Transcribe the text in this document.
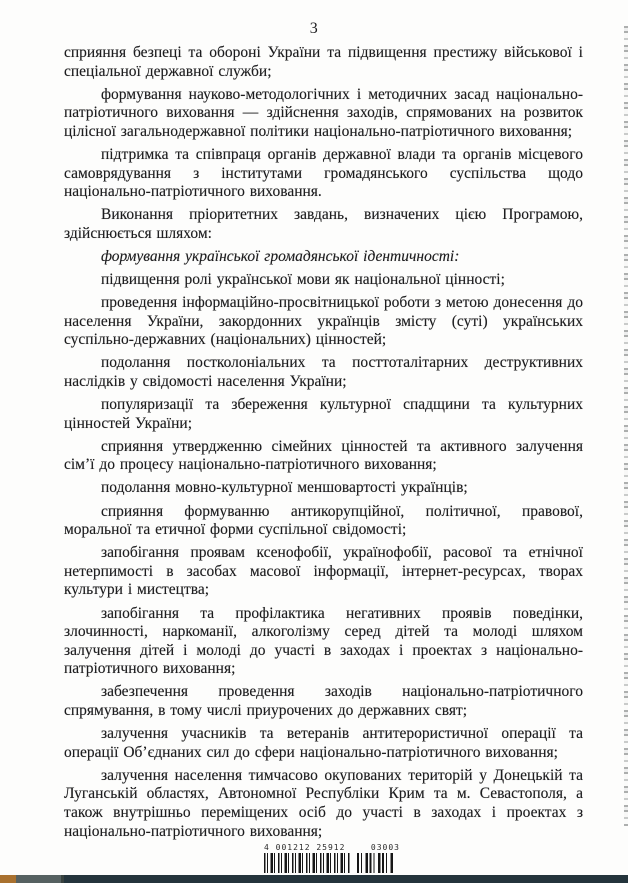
3

сприяння безпеці та обороні України та підвищення престижу військової і спеціальної державної служби;

формування науково-методологічних і методичних засад національно-патріотичного виховання — здійснення заходів, спрямованих на розвиток цілісної загальнодержавної політики національно-патріотичного виховання;

підтримка та співпраця органів державної влади та органів місцевого самоврядування з інститутами громадянського суспільства щодо національно-патріотичного виховання.

Виконання пріоритетних завдань, визначених цією Програмою, здійснюється шляхом:

формування української громадянської ідентичності:

підвищення ролі української мови як національної цінності;

проведення інформаційно-просвітницької роботи з метою донесення до населення України, закордонних українців змісту (суті) українських суспільно-державних (національних) цінностей;

подолання постколоніальних та посттоталітарних деструктивних наслідків у свідомості населення України;

популяризації та збереження культурної спадщини та культурних цінностей України;

сприяння утвердженню сімейних цінностей та активного залучення сім’ї до процесу національно-патріотичного виховання;

подолання мовно-культурної меншовартості українців;

сприяння формуванню антикорупційної, політичної, правової, моральної та етичної форми суспільної свідомості;

запобігання проявам ксенофобії, українофобії, расової та етнічної нетерпимості в засобах масової інформації, інтернет-ресурсах, творах культури і мистецтва;

запобігання та профілактика негативних проявів поведінки, злочинності, наркоманії, алкоголізму серед дітей та молоді шляхом залучення дітей і молоді до участі в заходах і проектах з національно-патріотичного виховання;

забезпечення проведення заходів національно-патріотичного спрямування, в тому числі приурочених до державних свят;

залучення учасників та ветеранів антитерористичної операції та операції Об’єднаних сил до сфери національно-патріотичного виховання;

залучення населення тимчасово окупованих територій у Донецькій та Луганській областях, Автономної Республіки Крим та м. Севастополя, а також внутрішньо переміщених осіб до участі в заходах і проектах з національно-патріотичного виховання;

4 001212 25912	03003
